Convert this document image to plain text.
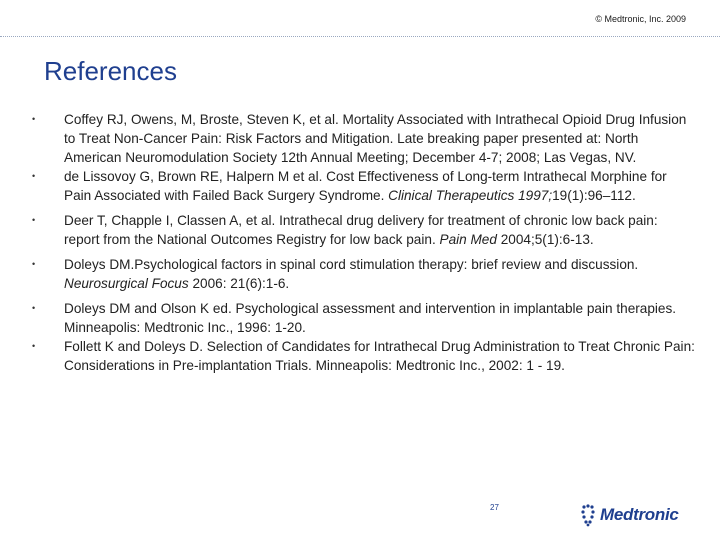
© Medtronic, Inc. 2009
References
•	Coffey RJ, Owens, M, Broste, Steven K, et al. Mortality Associated with Intrathecal Opioid Drug Infusion to Treat Non-Cancer Pain: Risk Factors and Mitigation. Late breaking paper presented at: North American Neuromodulation Society 12th Annual Meeting; December 4-7; 2008; Las Vegas, NV.
•	de Lissovoy G, Brown RE, Halpern M et al. Cost Effectiveness of Long-term Intrathecal Morphine for Pain Associated with Failed Back Surgery Syndrome. Clinical Therapeutics 1997;19(1):96–112.
•	Deer T, Chapple I, Classen A, et al. Intrathecal drug delivery for treatment of chronic low back pain: report from the National Outcomes Registry for low back pain. Pain Med 2004;5(1):6-13.
•	Doleys DM.Psychological factors in spinal cord stimulation therapy: brief review and discussion. Neurosurgical Focus 2006: 21(6):1-6.
•	Doleys DM and Olson K ed. Psychological assessment and intervention in implantable pain therapies. Minneapolis: Medtronic Inc., 1996: 1-20.
•	Follett K and Doleys D. Selection of Candidates for Intrathecal Drug Administration to Treat Chronic Pain: Considerations in Pre-implantation Trials. Minneapolis: Medtronic Inc., 2002: 1 - 19.
27	Medtronic
